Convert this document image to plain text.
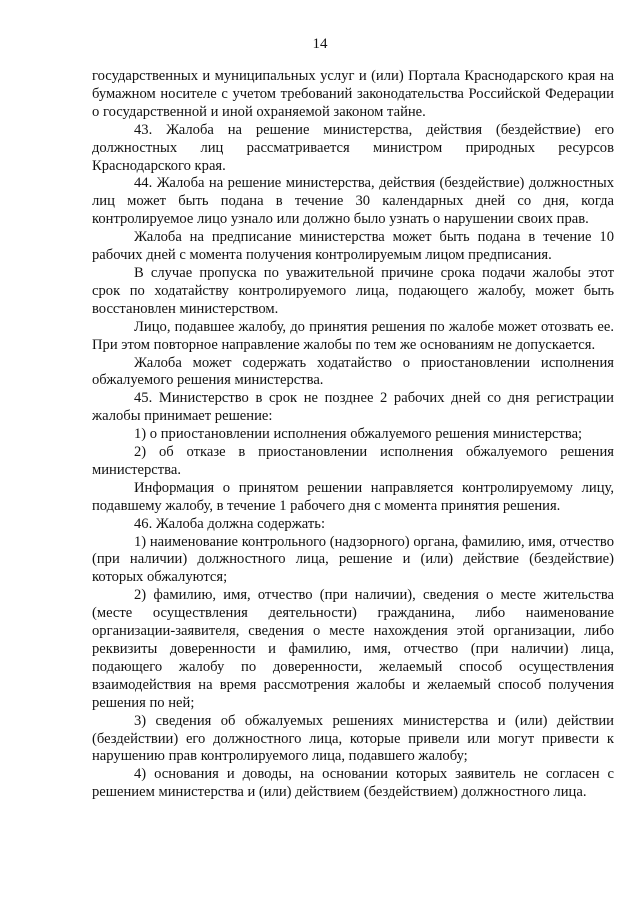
14

государственных и муниципальных услуг и (или) Портала Краснодарского края на бумажном носителе с учетом требований законодательства Российской Федерации о государственной и иной охраняемой законом тайне.

43. Жалоба на решение министерства, действия (бездействие) его должностных лиц рассматривается министром природных ресурсов Краснодарского края.

44. Жалоба на решение министерства, действия (бездействие) должностных лиц может быть подана в течение 30 календарных дней со дня, когда контролируемое лицо узнало или должно было узнать о нарушении своих прав.

Жалоба на предписание министерства может быть подана в течение 10 рабочих дней с момента получения контролируемым лицом предписания.

В случае пропуска по уважительной причине срока подачи жалобы этот срок по ходатайству контролируемого лица, подающего жалобу, может быть восстановлен министерством.

Лицо, подавшее жалобу, до принятия решения по жалобе может отозвать ее. При этом повторное направление жалобы по тем же основаниям не допускается.

Жалоба может содержать ходатайство о приостановлении исполнения обжалуемого решения министерства.

45. Министерство в срок не позднее 2 рабочих дней со дня регистрации жалобы принимает решение:

1) о приостановлении исполнения обжалуемого решения министерства;

2) об отказе в приостановлении исполнения обжалуемого решения министерства.

Информация о принятом решении направляется контролируемому лицу, подавшему жалобу, в течение 1 рабочего дня с момента принятия решения.

46. Жалоба должна содержать:

1) наименование контрольного (надзорного) органа, фамилию, имя, отчество (при наличии) должностного лица, решение и (или) действие (бездействие) которых обжалуются;

2) фамилию, имя, отчество (при наличии), сведения о месте жительства (месте осуществления деятельности) гражданина, либо наименование организации-заявителя, сведения о месте нахождения этой организации, либо реквизиты доверенности и фамилию, имя, отчество (при наличии) лица, подающего жалобу по доверенности, желаемый способ осуществления взаимодействия на время рассмотрения жалобы и желаемый способ получения решения по ней;

3) сведения об обжалуемых решениях министерства и (или) действии (бездействии) его должностного лица, которые привели или могут привести к нарушению прав контролируемого лица, подавшего жалобу;

4) основания и доводы, на основании которых заявитель не согласен с решением министерства и (или) действием (бездействием) должностного лица.
